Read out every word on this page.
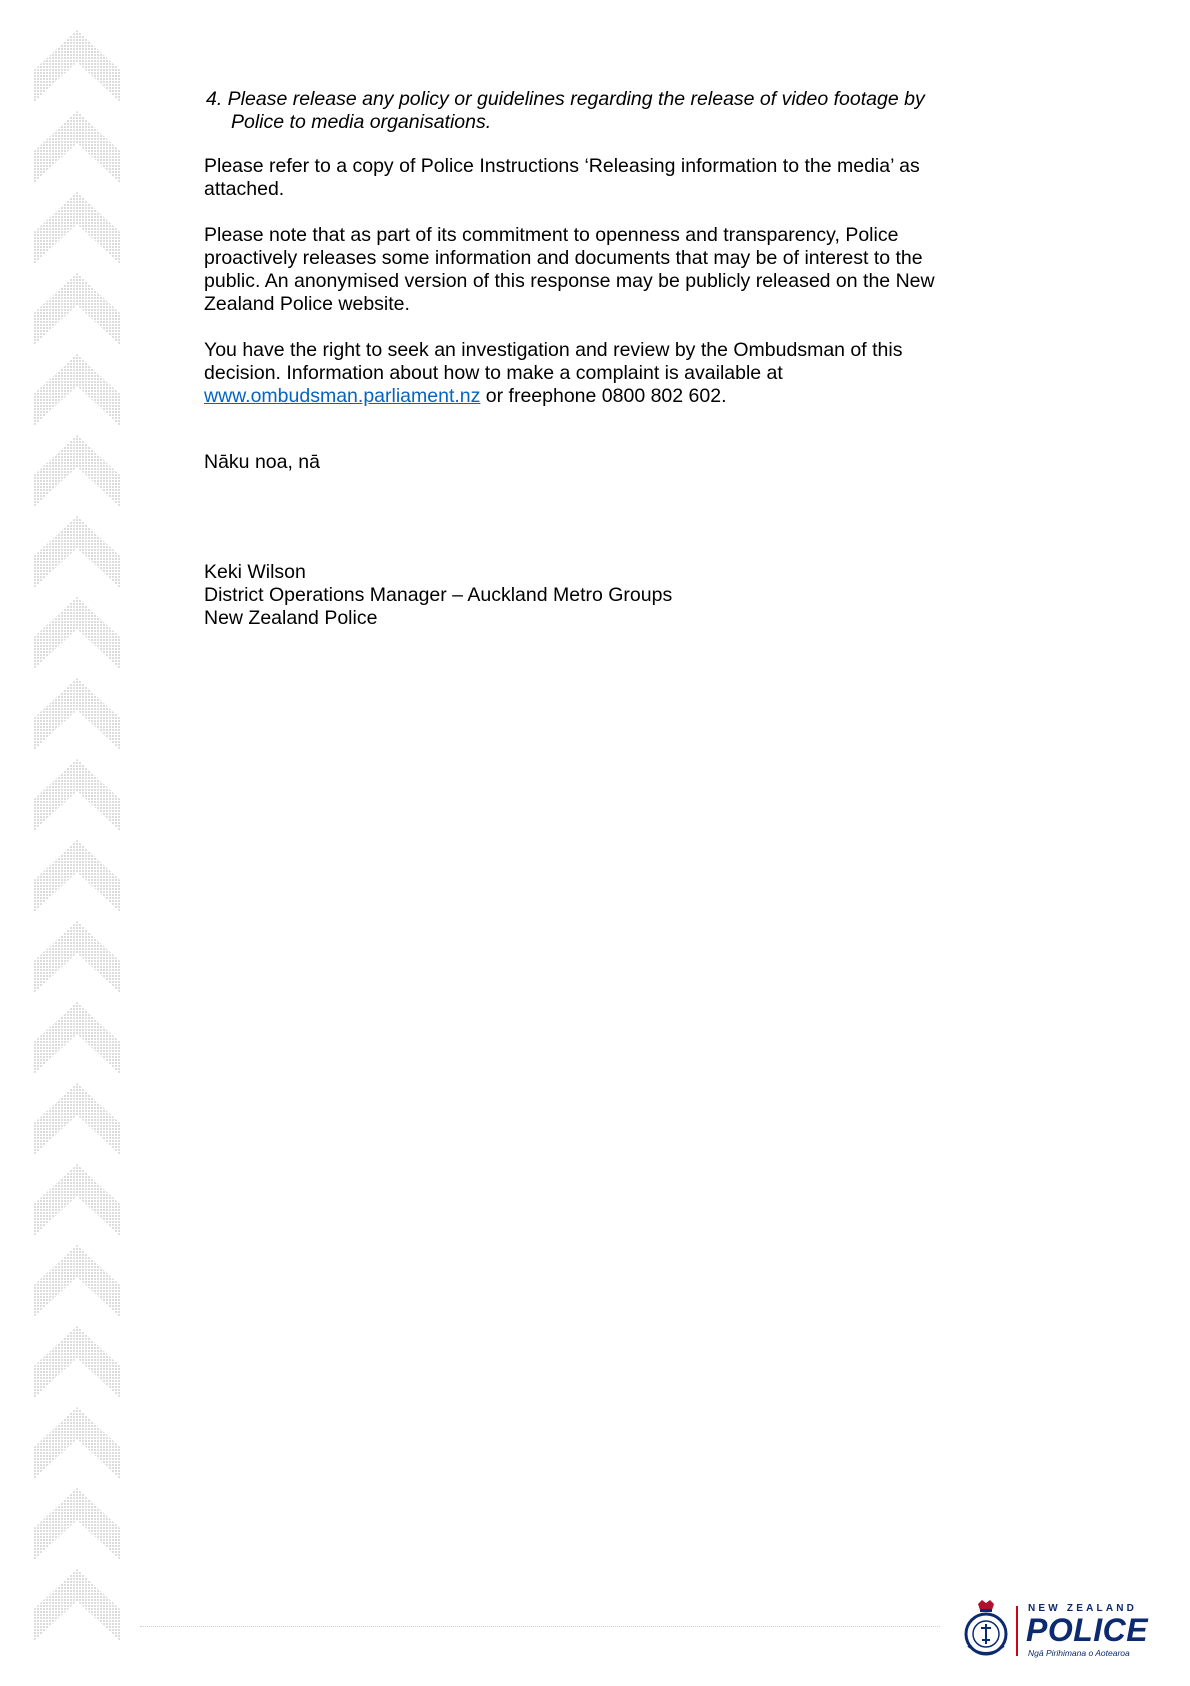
4. Please release any policy or guidelines regarding the release of video footage by
Police to media organisations.

Please refer to a copy of Police Instructions ‘Releasing information to the media’ as attached.

Please note that as part of its commitment to openness and transparency, Police proactively releases some information and documents that may be of interest to the public. An anonymised version of this response may be publicly released on the New Zealand Police website.

You have the right to seek an investigation and review by the Ombudsman of this decision. Information about how to make a complaint is available at
www.ombudsman.parliament.nz or freephone 0800 802 602.

Nāku noa, nā
Keki Wilson
District Operations Manager – Auckland Metro Groups
New Zealand Police
NEW ZEALAND
POLICE
Ngā Pirihimana o Aotearoa
